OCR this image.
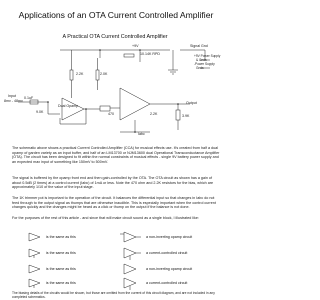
Applications of an OTA Current Controlled Amplifier
A Practical OTA Current Controlled Amplifier
+9V
10.14K RPD
Signal Gnd
+9V Power Supply
& Gnds
-Power Supply
Gnds
Input
8mv - 48mv
0.1uF
9.0K
Dual Opamp
Output
3.9K
2.2K	2.0K
470	2.2K
Iabc

The schematic above shows a practical Current Controlled Amplifier (CCA) for musical effects use. It's created from half a dual opamp of garden variety as an input buffer, and half of an LM13700 or NJM13600 dual Operational Transconductance Amplifier (OTA). The circuit has been designed to fit within the normal constraints of musical effects - single 9V battery power supply and an expected max input of something like 150mV to 500mV.

The signal is buffered by the opamp front end and then gain-controlled by the OTA. The OTA circuit as shown has a gain of about 0.5dB (2 times) at a control current (Iabc) of 1mA or less. Note the 470 ohm and 2.2K resistors for the bias, which are approximately 1/10 of the value of the input stage.

The 1K trimmer pot is important to the operation of the circuit. It balances the differential input so that changes in Iabc do not feed through to the output signal as thumps that are otherwise inaudible. This is especially important when the control current changes quickly and the changes might be heard as a click or thump on the output if the balance is not done.

For the purposes of the rest of this article - and since that will make circuit sound as a single block, I illustrated like:

is the same as this	a non-inverting opamp circuit
is the same as this	a current-controlled circuit
is the same as this	a non-inverting opamp circuit
is the same as this	a current-controlled circuit

The biasing details of the circuits would be shown, but those are omitted from the current of this circuit diagram, and are not included in any completed schematics.
